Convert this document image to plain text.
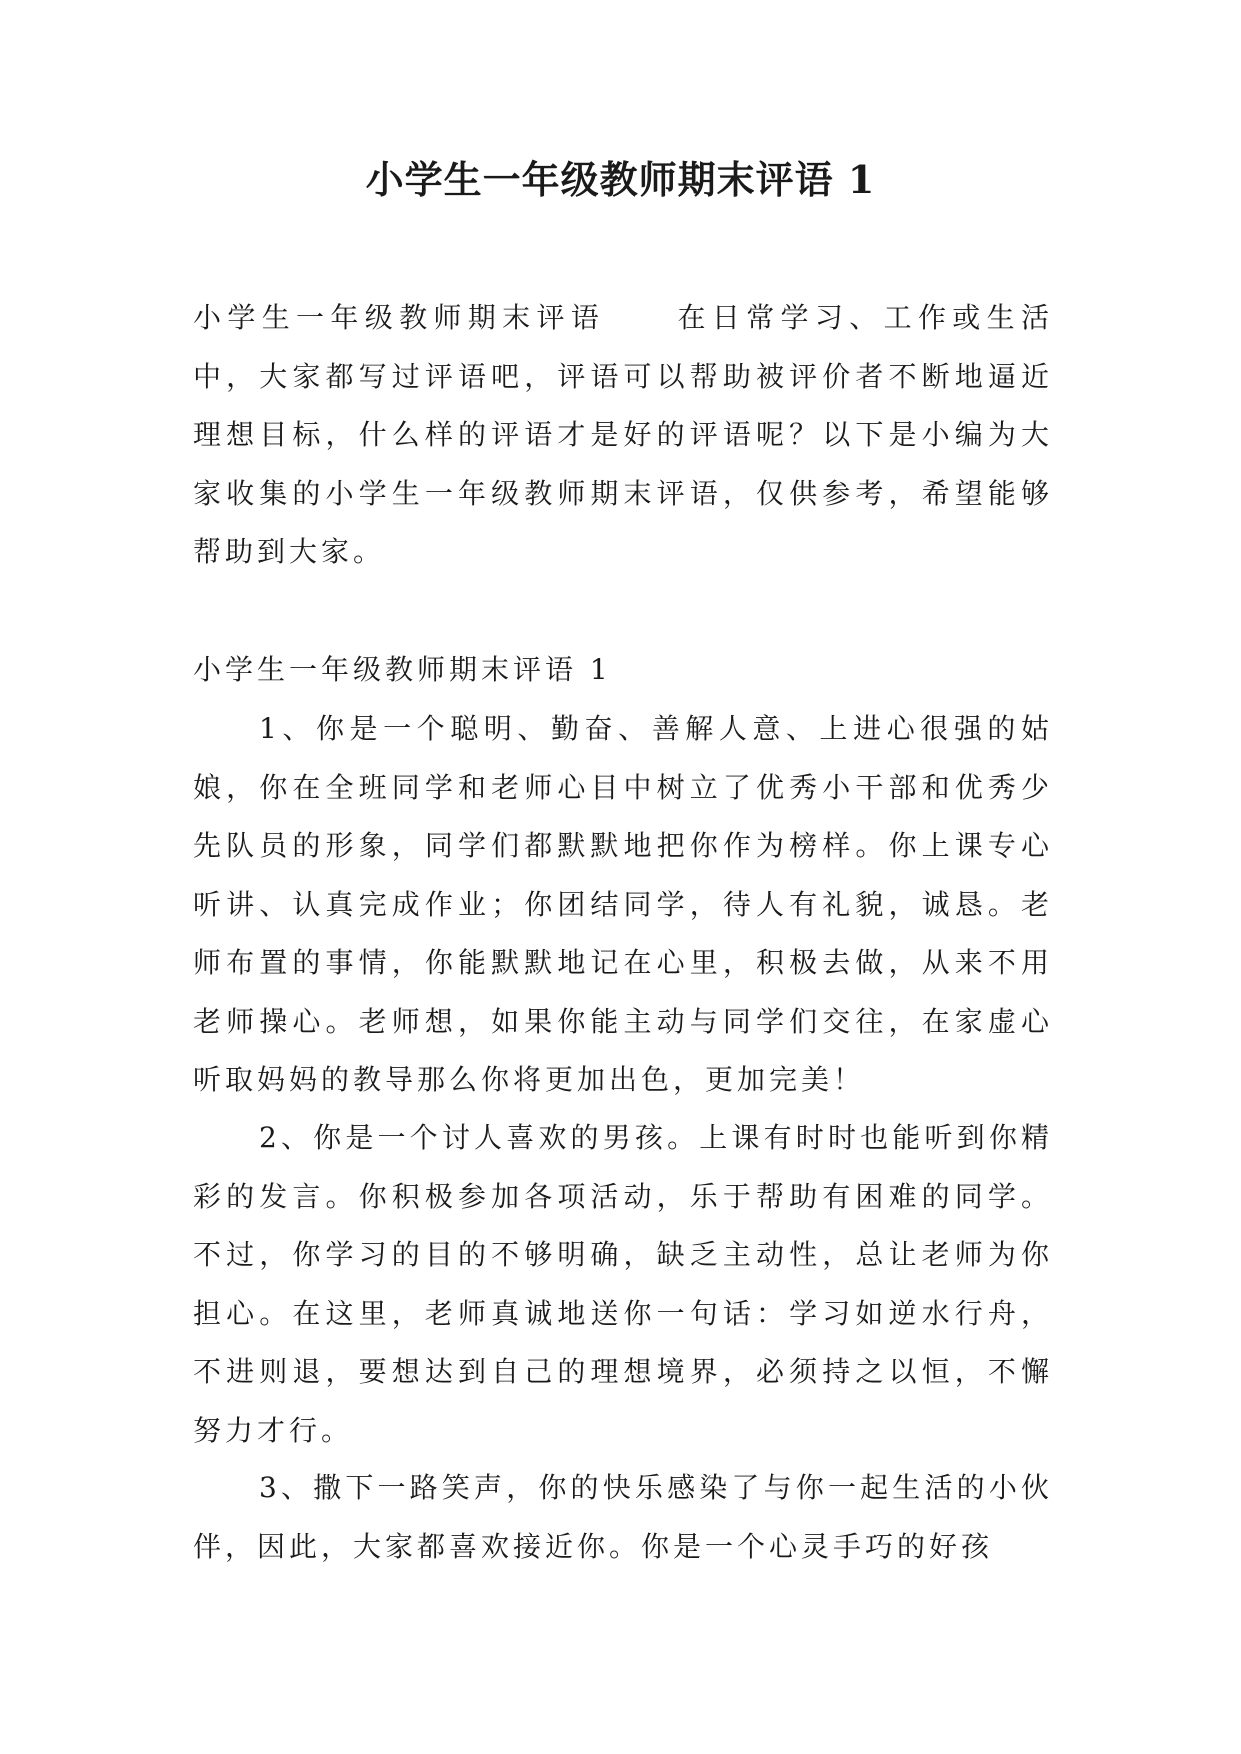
小学生一年级教师期末评语 1

小学生一年级教师期末评语	在日常学习、工作或生活中，大家都写过评语吧，评语可以帮助被评价者不断地逼近理想目标，什么样的评语才是好的评语呢？以下是小编为大家收集的小学生一年级教师期末评语，仅供参考，希望能够帮助到大家。

小学生一年级教师期末评语 1

1、你是一个聪明、勤奋、善解人意、上进心很强的姑娘，你在全班同学和老师心目中树立了优秀小干部和优秀少先队员的形象，同学们都默默地把你作为榜样。你上课专心听讲、认真完成作业；你团结同学，待人有礼貌，诚恳。老师布置的事情，你能默默地记在心里，积极去做，从来不用老师操心。老师想，如果你能主动与同学们交往，在家虚心听取妈妈的教导那么你将更加出色，更加完美！

2、你是一个讨人喜欢的男孩。上课有时时也能听到你精彩的发言。你积极参加各项活动，乐于帮助有困难的同学。不过，你学习的目的不够明确，缺乏主动性，总让老师为你担心。在这里，老师真诚地送你一句话：学习如逆水行舟，不进则退，要想达到自己的理想境界，必须持之以恒，不懈努力才行。

3、撒下一路笑声，你的快乐感染了与你一起生活的小伙伴，因此，大家都喜欢接近你。你是一个心灵手巧的好孩
